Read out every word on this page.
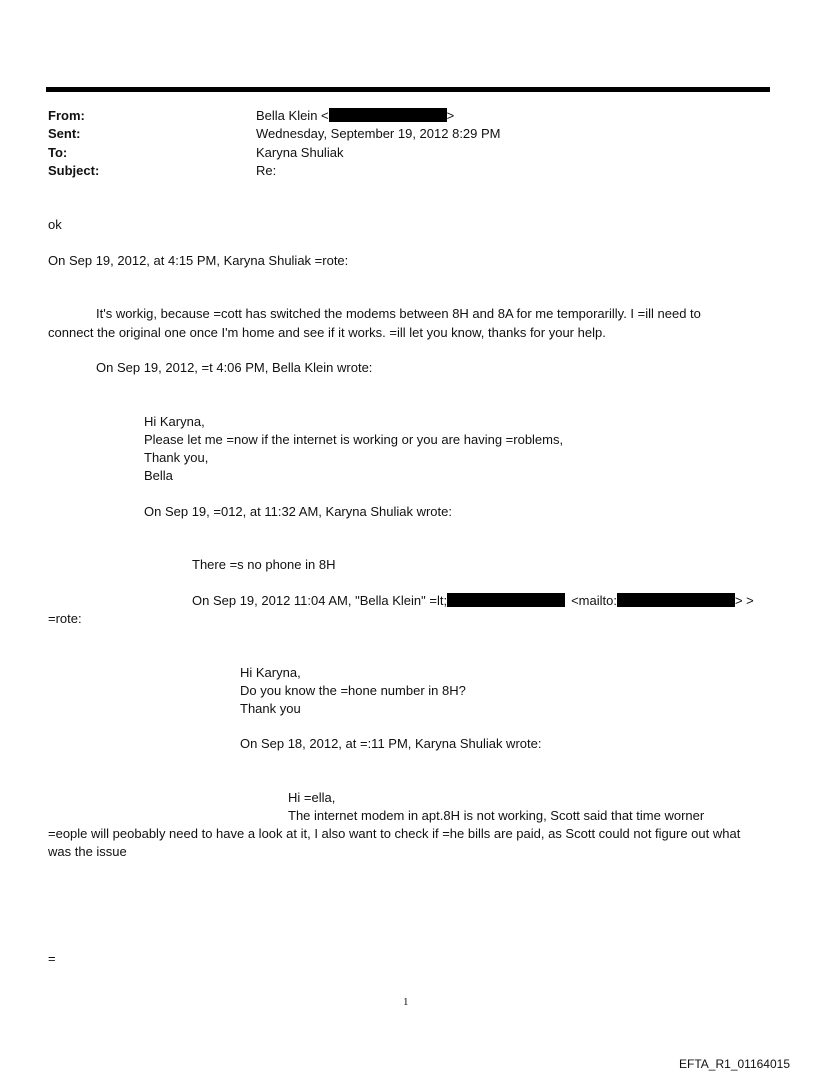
From:	Bella Klein <	>
Sent:	Wednesday, September 19, 2012 8:29 PM
To:	Karyna Shuliak
Subject:	Re:
ok
On Sep 19, 2012, at 4:15 PM, Karyna Shuliak =rote:
It's workig, because =cott has switched the modems between 8H and 8A for me temporarilly. I =ill need to
connect the original one once I'm home and see if it works. =ill let you know, thanks for your help.
On Sep 19, 2012, =t 4:06 PM, Bella Klein wrote:
Hi Karyna,
Please let me =now if the internet is working or you are having =roblems,
Thank you,
Bella
On Sep 19, =012, at 11:32 AM, Karyna Shuliak wrote:
There =s no phone in 8H
On Sep 19, 2012 11:04 AM, "Bella Klein" =lt;	<mailto:	> >
=rote:
Hi Karyna,
Do you know the =hone number in 8H?
Thank you
On Sep 18, 2012, at =:11 PM, Karyna Shuliak wrote:
Hi =ella,
The internet modem in apt.8H is not working, Scott said that time worner
=eople will peobably need to have a look at it, I also want to check if =he bills are paid, as Scott could not figure out what
was the issue
=
1
EFTA_R1_01164015
